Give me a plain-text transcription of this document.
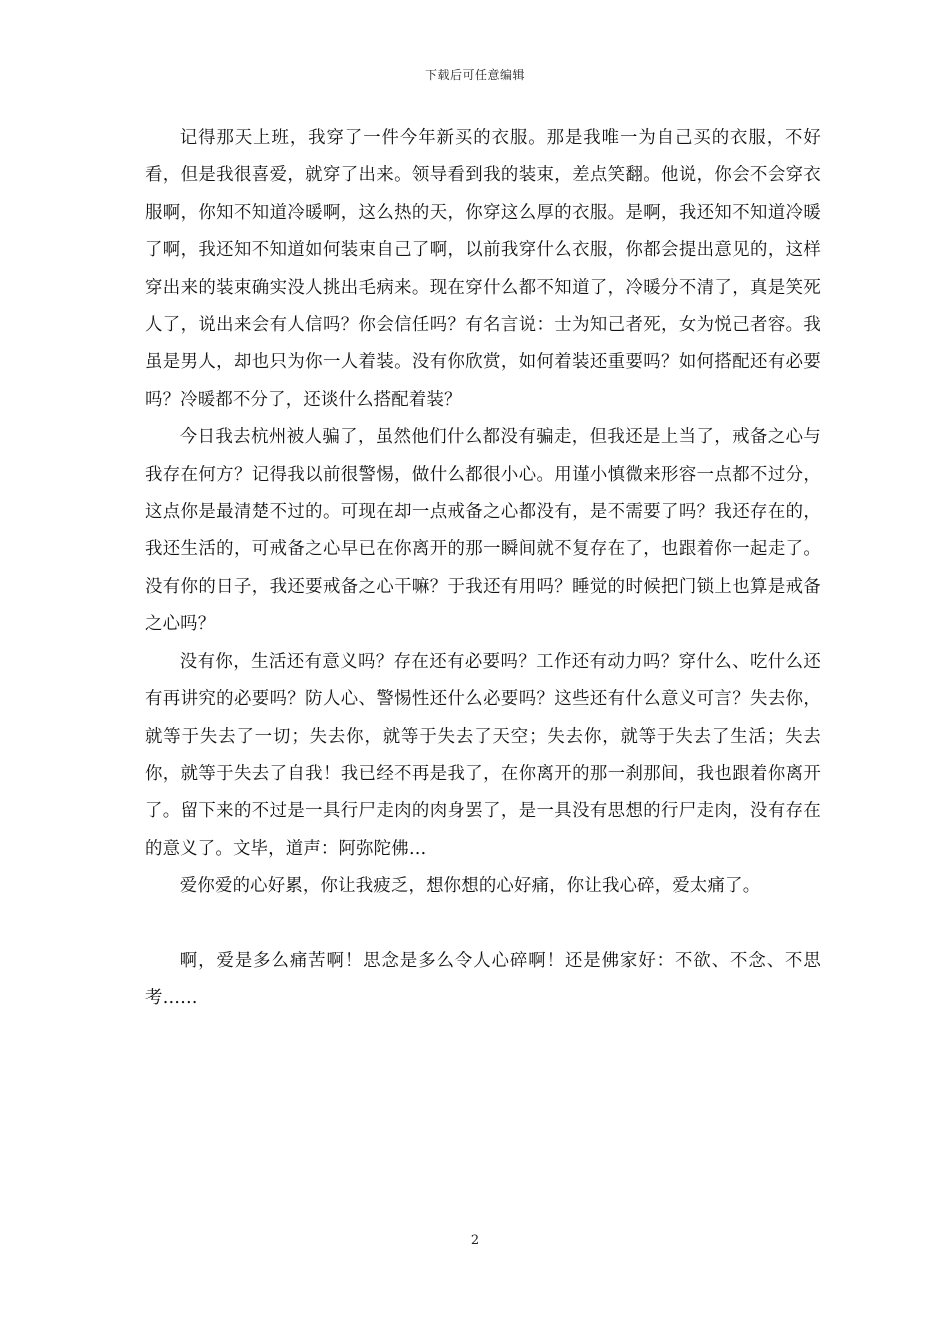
下载后可任意编辑

记得那天上班，我穿了一件今年新买的衣服。那是我唯一为自己买的衣服，不好看，但是我很喜爱，就穿了出来。领导看到我的装束，差点笑翻。他说，你会不会穿衣服啊，你知不知道冷暖啊，这么热的天，你穿这么厚的衣服。是啊，我还知不知道冷暖了啊，我还知不知道如何装束自己了啊，以前我穿什么衣服，你都会提出意见的，这样穿出来的装束确实没人挑出毛病来。现在穿什么都不知道了，冷暖分不清了，真是笑死人了，说出来会有人信吗？你会信任吗？有名言说：士为知己者死，女为悦己者容。我虽是男人，却也只为你一人着装。没有你欣赏，如何着装还重要吗？如何搭配还有必要吗？冷暖都不分了，还谈什么搭配着装？

今日我去杭州被人骗了，虽然他们什么都没有骗走，但我还是上当了，戒备之心与我存在何方？记得我以前很警惕，做什么都很小心。用谨小慎微来形容一点都不过分，这点你是最清楚不过的。可现在却一点戒备之心都没有，是不需要了吗？我还存在的，我还生活的，可戒备之心早已在你离开的那一瞬间就不复存在了，也跟着你一起走了。没有你的日子，我还要戒备之心干嘛？于我还有用吗？睡觉的时候把门锁上也算是戒备之心吗？

没有你，生活还有意义吗？存在还有必要吗？工作还有动力吗？穿什么、吃什么还有再讲究的必要吗？防人心、警惕性还什么必要吗？这些还有什么意义可言？失去你，就等于失去了一切；失去你，就等于失去了天空；失去你，就等于失去了生活；失去你，就等于失去了自我！我已经不再是我了，在你离开的那一刹那间，我也跟着你离开了。留下来的不过是一具行尸走肉的肉身罢了，是一具没有思想的行尸走肉，没有存在的意义了。文毕，道声：阿弥陀佛…

爱你爱的心好累，你让我疲乏，想你想的心好痛，你让我心碎，爱太痛了。

啊，爱是多么痛苦啊！思念是多么令人心碎啊！还是佛家好：不欲、不念、不思考……

2
